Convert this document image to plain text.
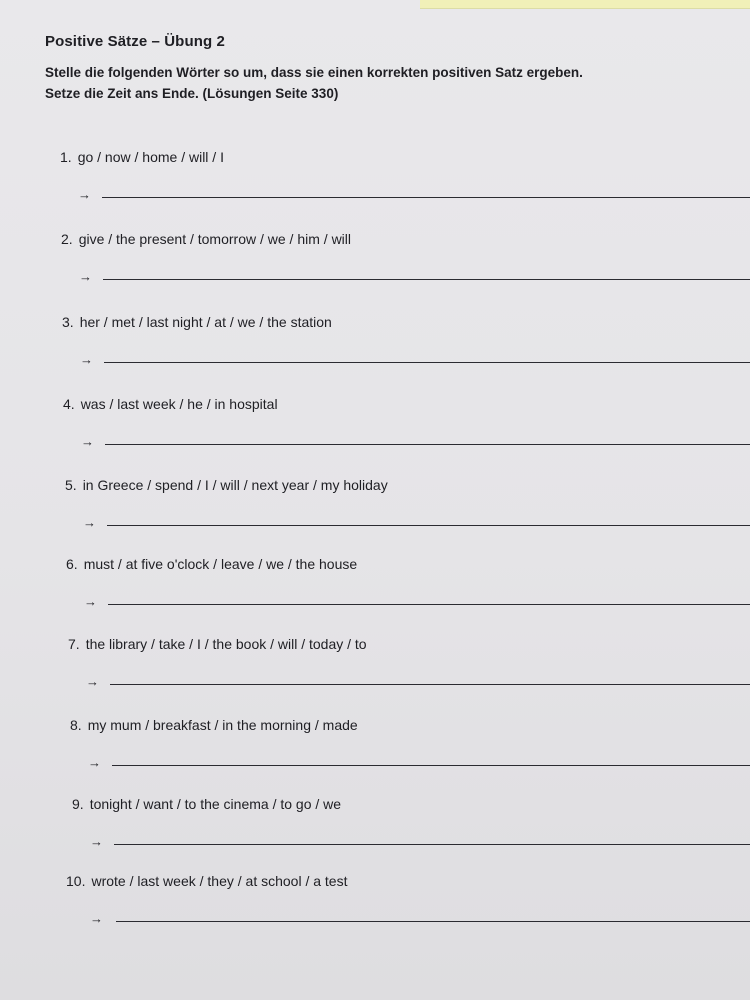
Positive Sätze – Übung 2
Stelle die folgenden Wörter so um, dass sie einen korrekten positiven Satz ergeben.
Setze die Zeit ans Ende. (Lösungen Seite 330)
1. go / now / home / will / I
→
2. give / the present / tomorrow / we / him / will
→
3. her / met / last night / at / we / the station
→
4. was / last week / he / in hospital
→
5. in Greece / spend / I / will / next year / my holiday
→
6. must / at five o'clock / leave / we / the house
→
7. the library / take / I / the book / will / today / to
→
8. my mum / breakfast / in the morning / made
→
9. tonight / want / to the cinema / to go / we
→
10. wrote / last week / they / at school / a test
→
